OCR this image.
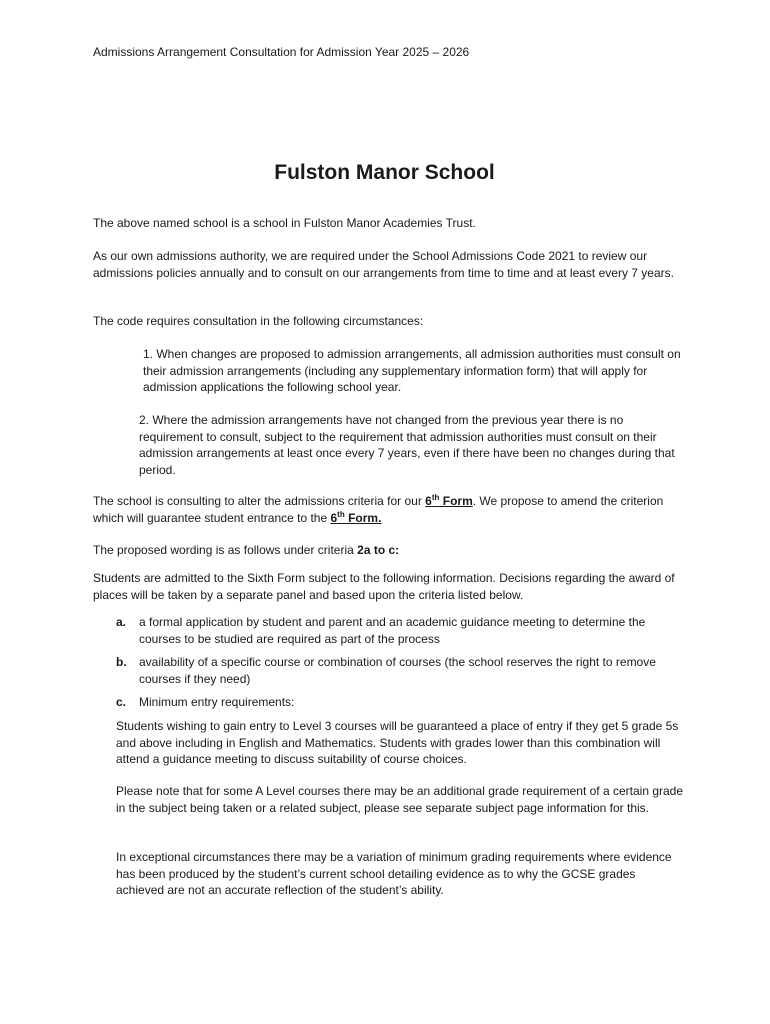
Admissions Arrangement Consultation for Admission Year 2025 – 2026
Fulston Manor School

The above named school is a school in Fulston Manor Academies Trust.

As our own admissions authority, we are required under the School Admissions Code 2021 to review our admissions policies annually and to consult on our arrangements from time to time and at least every 7 years.

The code requires consultation in the following circumstances:

1. When changes are proposed to admission arrangements, all admission authorities must consult on their admission arrangements (including any supplementary information form) that will apply for admission applications the following school year.

2. Where the admission arrangements have not changed from the previous year there is no requirement to consult, subject to the requirement that admission authorities must consult on their admission arrangements at least once every 7 years, even if there have been no changes during that period.

The school is consulting to alter the admissions criteria for our 6th Form. We propose to amend the criterion which will guarantee student entrance to the 6th Form.

The proposed wording is as follows under criteria 2a to c:

Students are admitted to the Sixth Form subject to the following information. Decisions regarding the award of places will be taken by a separate panel and based upon the criteria listed below.

a. a formal application by student and parent and an academic guidance meeting to determine the courses to be studied are required as part of the process
b. availability of a specific course or combination of courses (the school reserves the right to remove courses if they need)
c. Minimum entry requirements:

Students wishing to gain entry to Level 3 courses will be guaranteed a place of entry if they get 5 grade 5s and above including in English and Mathematics. Students with grades lower than this combination will attend a guidance meeting to discuss suitability of course choices.

Please note that for some A Level courses there may be an additional grade requirement of a certain grade in the subject being taken or a related subject, please see separate subject page information for this.

In exceptional circumstances there may be a variation of minimum grading requirements where evidence has been produced by the student’s current school detailing evidence as to why the GCSE grades achieved are not an accurate reflection of the student’s ability.
